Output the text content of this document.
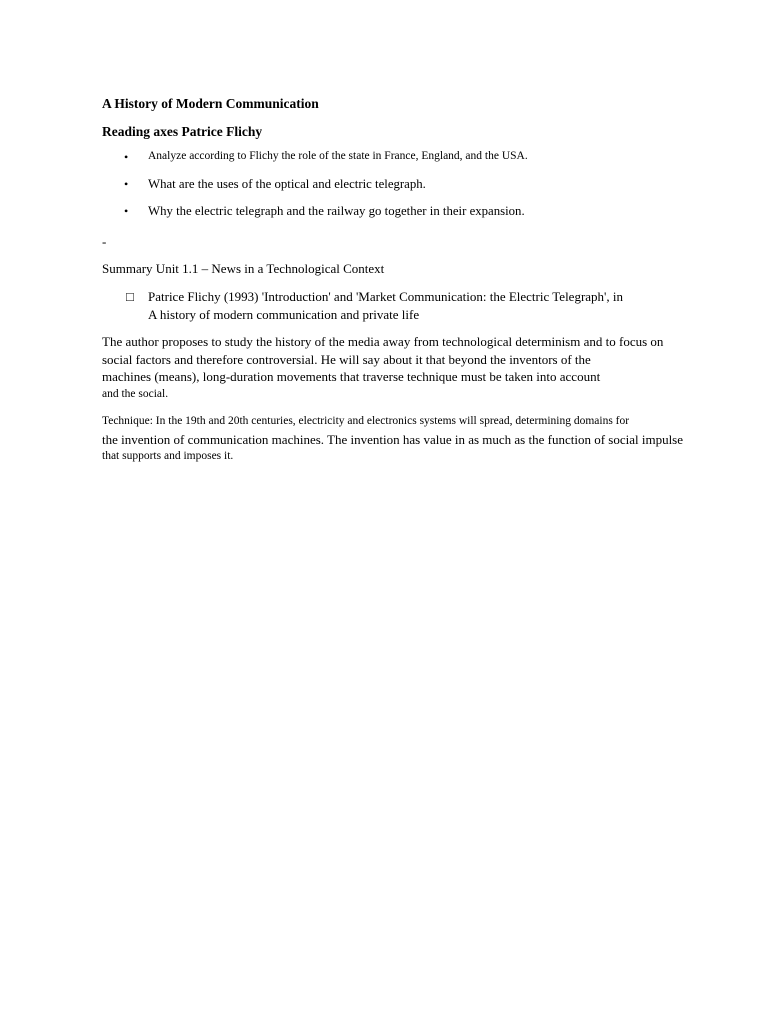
A History of Modern Communication

Reading axes Patrice Flichy

• Analyze according to Flichy the role of the state in France, England, and the USA.
• What are the uses of the optical and electric telegraph.
• Why the electric telegraph and the railway go together in their expansion.

-

Summary Unit 1.1 – News in a Technological Context

□ Patrice Flichy (1993) 'Introduction' and 'Market Communication: the Electric Telegraph', in
A history of modern communication and private life
The author proposes to study the history of the media away from technological determinism and to focus on
social factors and therefore controversial. He will say about it that beyond the inventors of the
machines (means), long-duration movements that traverse technique must be taken into account
and the social.
Technique: In the 19th and 20th centuries, electricity and electronics systems will spread, determining domains for
the invention of communication machines. The invention has value in as much as the function of social impulse
that supports and imposes it.
